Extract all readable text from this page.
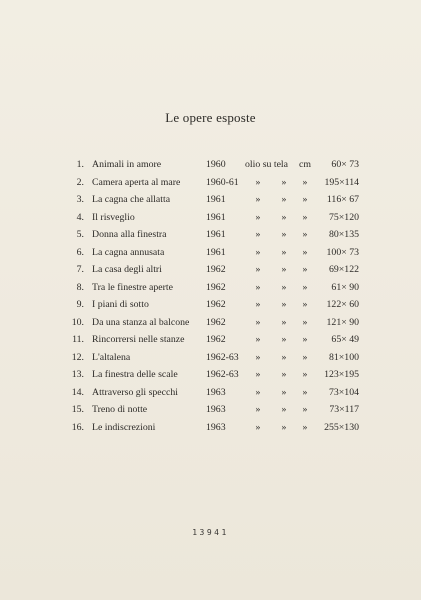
Le opere esposte
1. Animali in amore	1960 olio su tela cm 60× 73
2. Camera aperta al mare	1960-61	»	»	»	195×114
3. La cagna che allatta	1961	»	»	»	116× 67
4. Il risveglio	1961	»	»	»	75×120
5. Donna alla finestra	1961	»	»	»	80×135
6. La cagna annusata	1961	»	»	»	100× 73
7. La casa degli altri	1962	»	»	»	69×122
8. Tra le finestre aperte	1962	»	»	»	61× 90
9. I piani di sotto	1962	»	»	»	122× 60
10. Da una stanza al balcone 1962	»	»	»	121× 90
11. Rincorrersi nelle stanze 1962	»	»	»	65× 49
12. L'altalena	1962-63	»	»	»	81×100
13. La finestra delle scale	1962-63	»	»	»	123×195
14. Attraverso gli specchi	1963	»	»	»	73×104
15. Treno di notte	1963	»	»	»	73×117
16. Le indiscrezioni	1963	»	»	»	255×130
13941
